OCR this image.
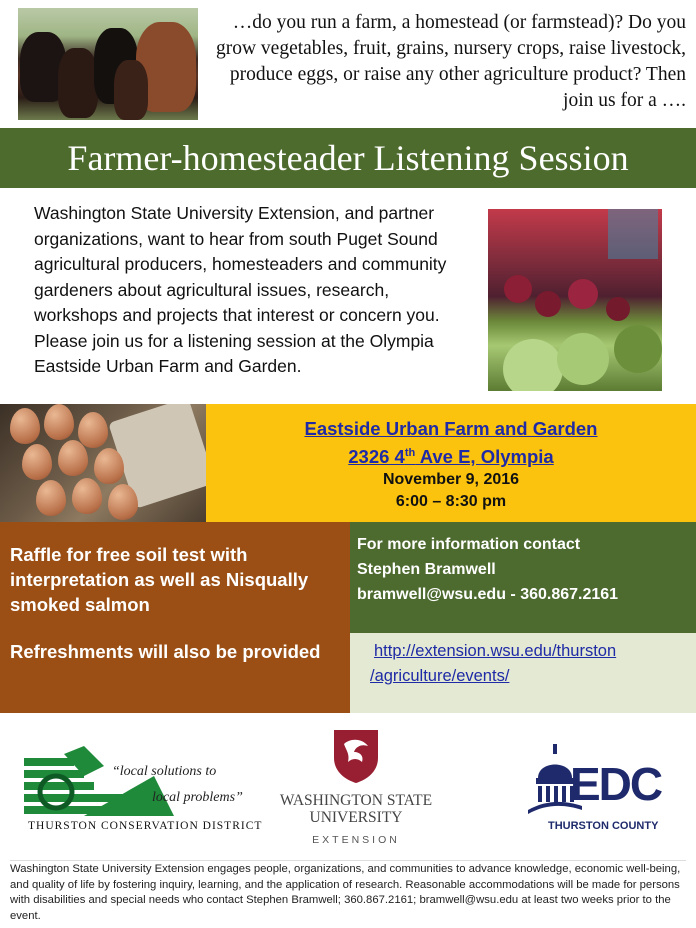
…do you run a farm, a homestead (or farmstead)? Do you grow vegetables, fruit, grains, nursery crops, raise livestock, produce eggs, or raise any other agriculture product? Then join us for a ….
Farmer-homesteader Listening Session
Washington State University Extension, and partner organizations, want to hear from south Puget Sound agricultural producers, homesteaders and community gardeners about agricultural issues, research, workshops and projects that interest or concern you. Please join us for a listening session at the Olympia Eastside Urban Farm and Garden.
Eastside Urban Farm and Garden
2326 4th Ave E, Olympia
November 9, 2016
6:00 – 8:30 pm

Raffle for free soil test with interpretation as well as Nisqually smoked salmon

Refreshments will also be provided

For more information contact
Stephen Bramwell
bramwell@wsu.edu - 360.867.2161
http://extension.wsu.edu/thurston
/agriculture/events/
“local solutions to
local problems”
THURSTON CONSERVATION DISTRICT
WASHINGTON STATE
UNIVERSITY
EXTENSION
EDC
THURSTON COUNTY
Washington State University Extension engages people, organizations, and communities to advance knowledge, economic well-being, and quality of life by fostering inquiry, learning, and the application of research. Reasonable accommodations will be made for persons with disabilities and special needs who contact Stephen Bramwell; 360.867.2161; bramwell@wsu.edu at least two weeks prior to the event.
